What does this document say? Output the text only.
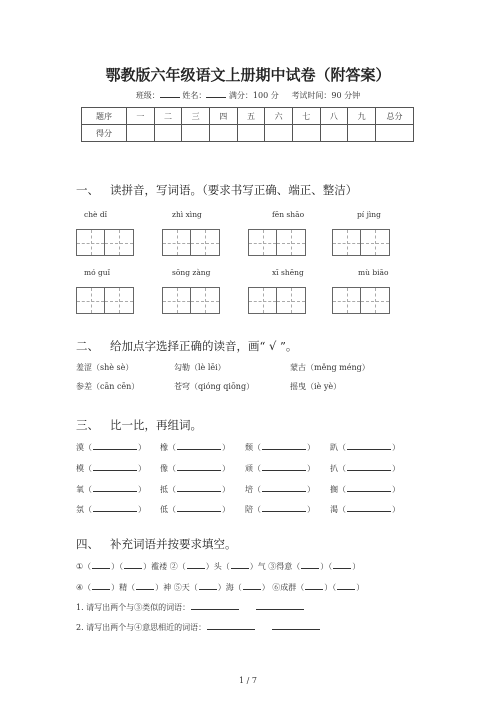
鄂教版六年级语文上册期中试卷（附答案）
班级：	姓名：	满分：100 分 考试时间：90 分钟
题序	一	二	三	四	五	六	七	八	九	总分
得分										
一、 读拼音，写词语。（要求书写正确、端正、整洁）
chè dǐ	zhì xìng	fēn shāo	pí jìng
mó guǐ	sōng zàng	xī shēng	mù biāo
二、 给加点字选择正确的读音，画“ √ ”。
羞涩（shè sè）	勾勒（lè lēi）	蒙古（měng méng）
参差（cān cēn）	苍穹（qióng qiōng）	摇曳（iè yè）
三、 比一比，再组词。
漠（	） 橡（	） 颓（	） 趴（	）
模（	） 像（	） 顽（	） 扒（	）
氧（	） 抵（	） 培（	） 搁（	）
氛（	） 低（	） 陪（	） 渴（	）
四、 补充词语并按要求填空。
①（	）（	）褴褛 ②（	）头（	）气 ③得意（	）（	）
④（	）精（	）神 ⑤天（	）海（	） ⑥成群（	）（	）
1. 请写出两个与③类似的词语：
2. 请写出两个与④意思相近的词语：
1 / 7
